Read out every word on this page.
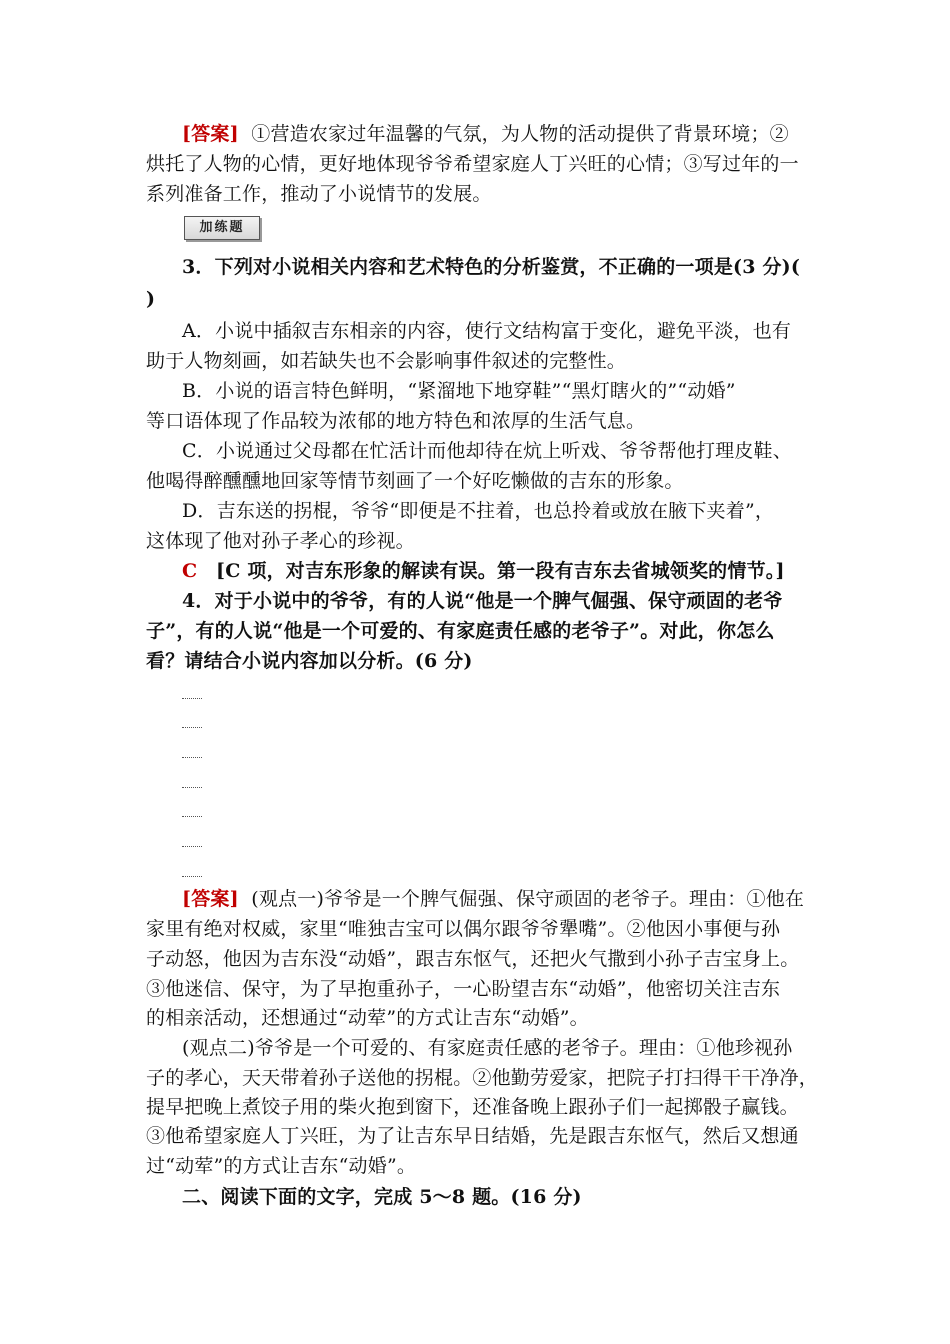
[答案] ①营造农家过年温馨的气氛，为人物的活动提供了背景环境；②
烘托了人物的心情，更好地体现爷爷希望家庭人丁兴旺的心情；③写过年的一
系列准备工作，推动了小说情节的发展。
加练题
3．下列对小说相关内容和艺术特色的分析鉴赏，不正确的一项是(3 分)(
)
A．小说中插叙吉东相亲的内容，使行文结构富于变化，避免平淡，也有
助于人物刻画，如若缺失也不会影响事件叙述的完整性。
B．小说的语言特色鲜明，“紧溜地下地穿鞋”“黑灯瞎火的”“动婚”
等口语体现了作品较为浓郁的地方特色和浓厚的生活气息。
C．小说通过父母都在忙活计而他却待在炕上听戏、爷爷帮他打理皮鞋、
他喝得醉醺醺地回家等情节刻画了一个好吃懒做的吉东的形象。
D．吉东送的拐棍，爷爷“即便是不拄着，也总拎着或放在腋下夹着”，
这体现了他对孙子孝心的珍视。
C [C 项，对吉东形象的解读有误。第一段有吉东去省城领奖的情节。]
4．对于小说中的爷爷，有的人说“他是一个脾气倔强、保守顽固的老爷
子”，有的人说“他是一个可爱的、有家庭责任感的老爷子”。对此，你怎么
看？请结合小说内容加以分析。(6 分)
[答案] (观点一)爷爷是一个脾气倔强、保守顽固的老爷子。理由：①他在
家里有绝对权威，家里“唯独吉宝可以偶尔跟爷爷犟嘴”。②他因小事便与孙
子动怒，他因为吉东没“动婚”，跟吉东怄气，还把火气撒到小孙子吉宝身上。
③他迷信、保守，为了早抱重孙子，一心盼望吉东“动婚”，他密切关注吉东
的相亲活动，还想通过“动荤”的方式让吉东“动婚”。
(观点二)爷爷是一个可爱的、有家庭责任感的老爷子。理由：①他珍视孙
子的孝心，天天带着孙子送他的拐棍。②他勤劳爱家，把院子打扫得干干净净，
提早把晚上煮饺子用的柴火抱到窗下，还准备晚上跟孙子们一起掷骰子赢钱。
③他希望家庭人丁兴旺，为了让吉东早日结婚，先是跟吉东怄气，然后又想通
过“动荤”的方式让吉东“动婚”。
二、阅读下面的文字，完成 5～8 题。(16 分)
